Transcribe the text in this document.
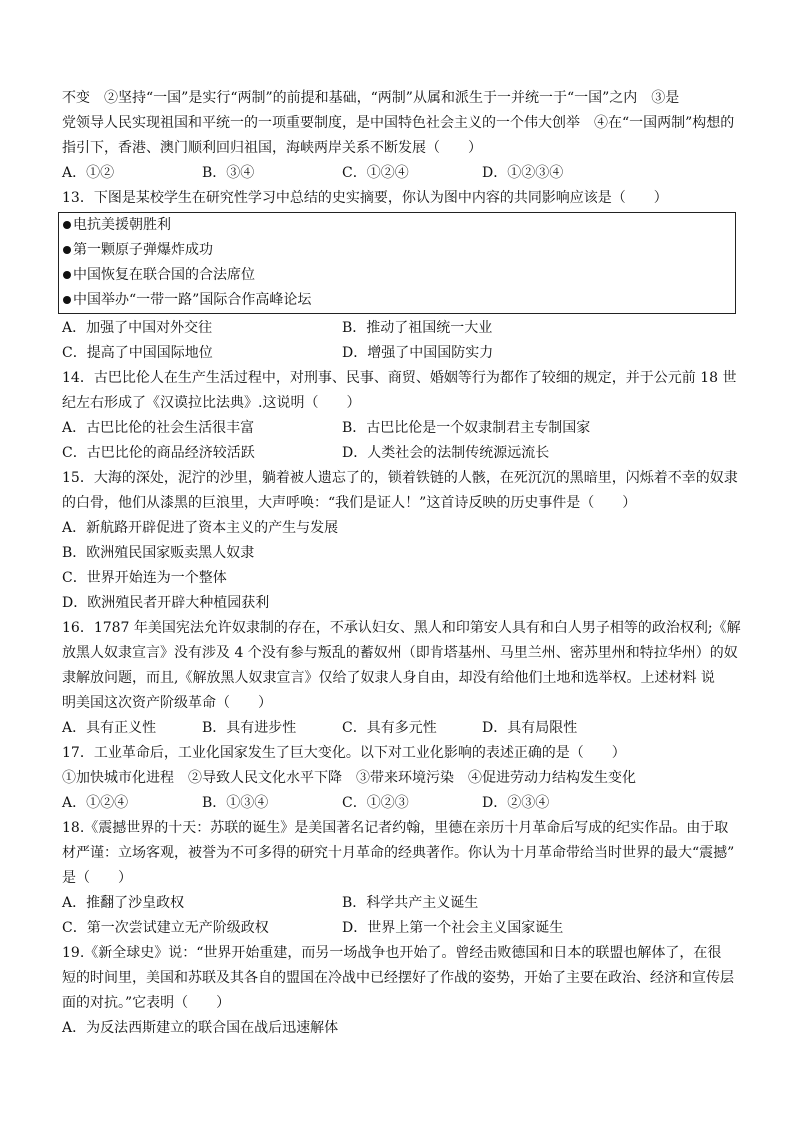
不变　②坚持“一国”是实行“两制”的前提和基础，“两制”从属和派生于一并统一于“一国”之内　③是
党领导人民实现祖国和平统一的一项重要制度，是中国特色社会主义的一个伟大创举　④在“一国两制”构想的
指引下，香港、澳门顺利回归祖国，海峡两岸关系不断发展（　　）
A．①②	B．③④	C．①②④	D．①②③④
13．下图是某校学生在研究性学习中总结的史实摘要，你认为图中内容的共同影响应该是（　　）
电抗美援朝胜利
第一颗原子弹爆炸成功
中国恢复在联合国的合法席位
中国举办“一带一路”国际合作高峰论坛
A．加强了中国对外交往	B．推动了祖国统一大业
C．提高了中国国际地位	D．增强了中国国防实力
14．古巴比伦人在生产生活过程中，对刑事、民事、商贸、婚姻等行为都作了较细的规定，并于公元前 18 世
纪左右形成了《汉谟拉比法典》.这说明（　　）
A．古巴比伦的社会生活很丰富	B．古巴比伦是一个奴隶制君主专制国家
C．古巴比伦的商品经济较活跃	D．人类社会的法制传统源远流长
15．大海的深处，泥泞的沙里，躺着被人遗忘了的，锁着铁链的人骸，在死沉沉的黑暗里，闪烁着不幸的奴隶
的白骨，他们从漆黑的巨浪里，大声呼唤：“我们是证人！”这首诗反映的历史事件是（　　）
A．新航路开辟促进了资本主义的产生与发展
B．欧洲殖民国家贩卖黑人奴隶
C．世界开始连为一个整体
D．欧洲殖民者开辟大种植园获利
16．1787 年美国宪法允许奴隶制的存在，不承认妇女、黑人和印第安人具有和白人男子相等的政治权利;《解
放黑人奴隶宣言》没有涉及 4 个没有参与叛乱的蓄奴州（即肯塔基州、马里兰州、密苏里州和特拉华州）的奴
隶解放问题，而且,《解放黑人奴隶宣言》仅给了奴隶人身自由，却没有给他们土地和选举权。上述材料 说
明美国这次资产阶级革命（　　）
A．具有正义性	B．具有进步性	C．具有多元性	D．具有局限性
17．工业革命后，工业化国家发生了巨大变化。以下对工业化影响的表述正确的是（　　）
①加快城市化进程　②导致人民文化水平下降　③带来环境污染　④促进劳动力结构发生变化
A．①②④	B．①③④	C．①②③	D．②③④
18.《震撼世界的十天：苏联的诞生》是美国著名记者约翰，里德在亲历十月革命后写成的纪实作品。由于取
材严谨：立场客观，被誉为不可多得的研究十月革命的经典著作。你认为十月革命带给当时世界的最大“震撼”
是（　　）
A．推翻了沙皇政权	B．科学共产主义诞生
C．第一次尝试建立无产阶级政权	D．世界上第一个社会主义国家诞生
19.《新全球史》说：“世界开始重建，而另一场战争也开始了。曾经击败德国和日本的联盟也解体了，在很
短的时间里，美国和苏联及其各自的盟国在冷战中已经摆好了作战的姿势，开始了主要在政治、经济和宣传层
面的对抗。”它表明（　　）
A．为反法西斯建立的联合国在战后迅速解体
